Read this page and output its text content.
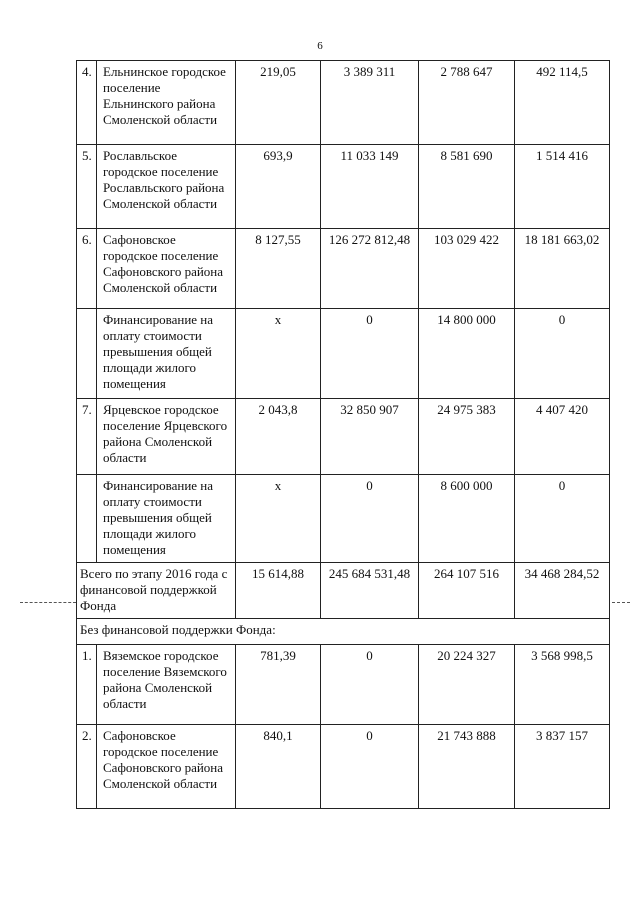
6
4.	Ельнинское городское поселение Ельнинского района Смоленской области	219,05	3 389 311	2 788 647	492 114,5
5.	Рославльское городское поселение Рославльского района Смоленской области	693,9	11 033 149	8 581 690	1 514 416
6.	Сафоновское городское поселение Сафоновского района Смоленской области	8 127,55	126 272 812,48	103 029 422	18 181 663,02
	Финансирование на оплату стоимости превышения общей площади жилого помещения	x	0	14 800 000	0
7.	Ярцевское городское поселение Ярцевского района Смоленской области	2 043,8	32 850 907	24 975 383	4 407 420
	Финансирование на оплату стоимости превышения общей площади жилого помещения	x	0	8 600 000	0
Всего по этапу 2016 года с финансовой поддержкой Фонда		15 614,88	245 684 531,48	264 107 516	34 468 284,52
Без финансовой поддержки Фонда:					
1.	Вяземское городское поселение Вяземского района Смоленской области	781,39	0	20 224 327	3 568 998,5
2.	Сафоновское городское поселение Сафоновского района Смоленской области	840,1	0	21 743 888	3 837 157
